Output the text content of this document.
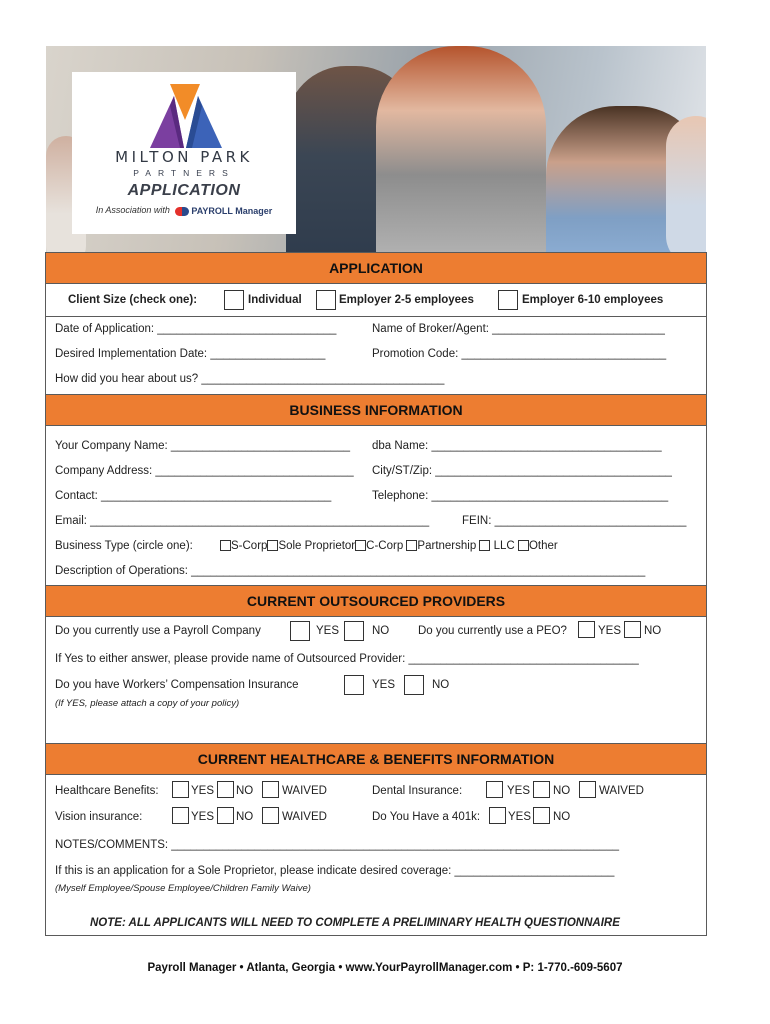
MILTON PARK
PARTNERS
APPLICATION
In Association with PAYROLL Manager
APPLICATION
Client Size (check one):	Individual	Employer 2-5 employees	Employer 6-10 employees
Date of Application: ____________________________	Name of Broker/Agent: ___________________________
Desired Implementation Date: __________________	Promotion Code: ________________________________
How did you hear about us? ______________________________________
BUSINESS INFORMATION
Your Company Name: ____________________________ dba Name: ____________________________________
Company Address: _______________________________ City/ST/Zip: _____________________________________
Contact: ____________________________________	Telephone: _____________________________________
Email: _____________________________________________________	FEIN: ______________________________
Business Type (circle one):	S-Corp Sole Proprietor C-Corp Partnership LLC Other
Description of Operations: _______________________________________________________________________
CURRENT OUTSOURCED PROVIDERS
Do you currently use a Payroll Company	YES	NO	Do you currently use a PEO?	YES NO
If Yes to either answer, please provide name of Outsourced Provider: ____________________________________
Do you have Workers’ Compensation Insurance	YES	NO
(If YES, please attach a copy of your policy)
CURRENT HEALTHCARE & BENEFITS INFORMATION
Healthcare Benefits:	YES NO	WAIVED	Dental Insurance:	YES NO	WAIVED
Vision insurance:	YES NO	WAIVED	Do You Have a 401k: YES NO
NOTES/COMMENTS: ______________________________________________________________________
If this is an application for a Sole Proprietor, please indicate desired coverage: _________________________
(Myself Employee/Spouse Employee/Children Family Waive)
NOTE: ALL APPLICANTS WILL NEED TO COMPLETE A PRELIMINARY HEALTH QUESTIONNAIRE
Payroll Manager • Atlanta, Georgia • www.YourPayrollManager.com • P: 1-770.-609-5607
